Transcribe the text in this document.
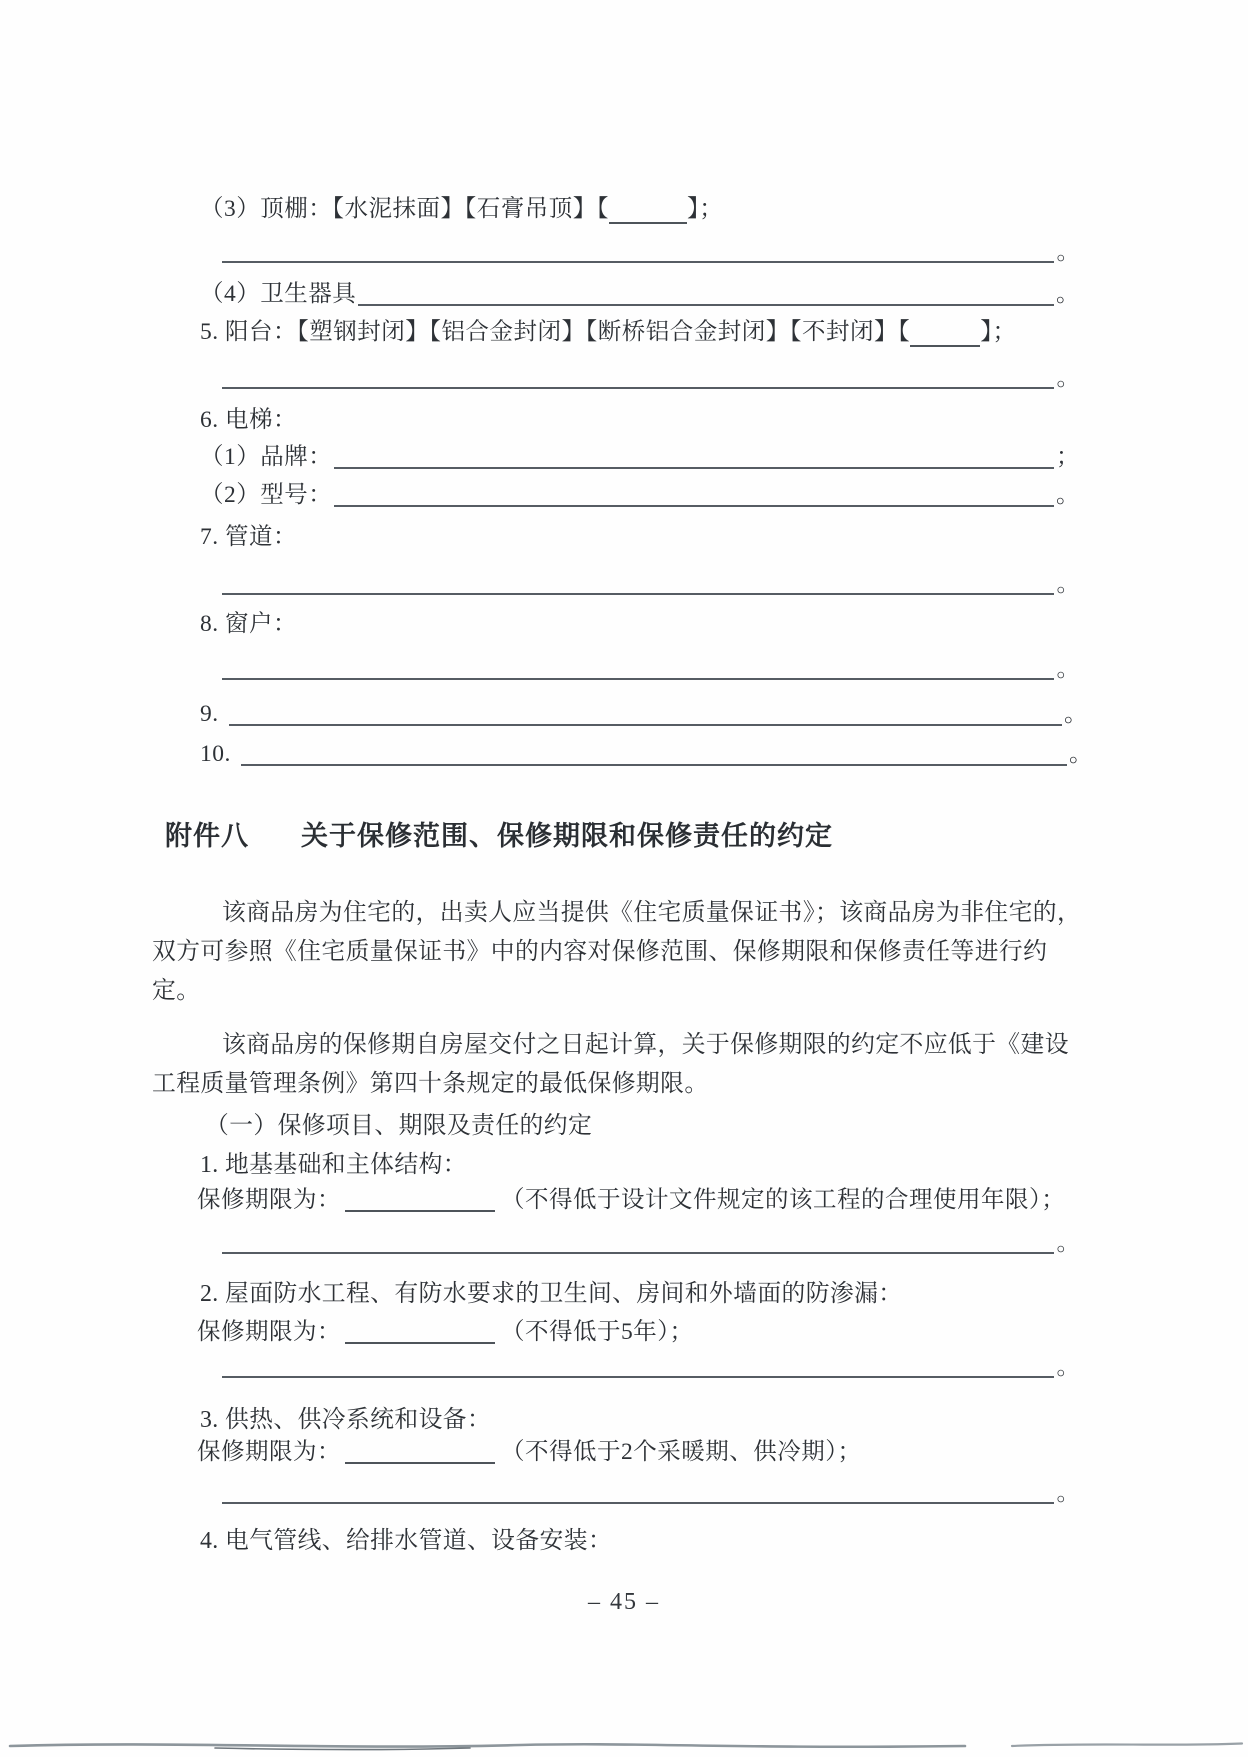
（3）顶棚：【水泥抹面】【石膏吊顶】【	】；
。
（4）卫生器具	。
5. 阳台：【塑钢封闭】【铝合金封闭】【断桥铝合金封闭】【不封闭】【	】；
。
6. 电梯：
（1）品牌：	；
（2）型号：	。
7. 管道：
。
8. 窗户：
。
9.	。
10.	。
附件八 关于保修范围、保修期限和保修责任的约定
该商品房为住宅的，出卖人应当提供《住宅质量保证书》；该商品房为非住宅的，
双方可参照《住宅质量保证书》中的内容对保修范围、保修期限和保修责任等进行约
定。
该商品房的保修期自房屋交付之日起计算，关于保修期限的约定不应低于《建设
工程质量管理条例》第四十条规定的最低保修期限。
（一）保修项目、期限及责任的约定
1. 地基基础和主体结构：
保修期限为：	（不得低于设计文件规定的该工程的合理使用年限）；
。
2. 屋面防水工程、有防水要求的卫生间、房间和外墙面的防渗漏：
保修期限为：	（不得低于5年）；
。
3. 供热、供冷系统和设备：
保修期限为：	（不得低于2个采暖期、供冷期）；
。
4. 电气管线、给排水管道、设备安装：
– 45 –
